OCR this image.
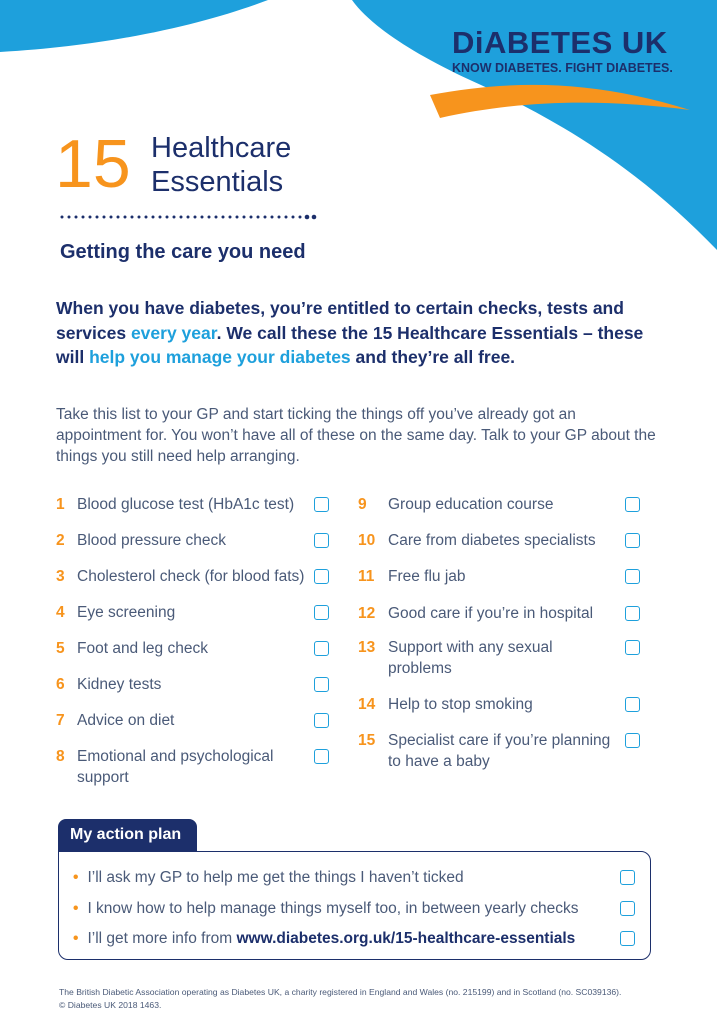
DiABETES UK
KNOW DIABETES. FIGHT DIABETES.
15 Healthcare
Essentials
Getting the care you need

When you have diabetes, you’re entitled to certain checks, tests and services every year. We call these the 15 Healthcare Essentials – these will help you manage your diabetes and they’re all free.

Take this list to your GP and start ticking the things off you’ve already got an appointment for. You won’t have all of these on the same day. Talk to your GP about the things you still need help arranging.

1 Blood glucose test (HbA1c test)
2 Blood pressure check
3 Cholesterol check (for blood fats)
4 Eye screening
5 Foot and leg check
6 Kidney tests
7 Advice on diet
8 Emotional and psychological support
9 Group education course
10 Care from diabetes specialists
11 Free flu jab
12 Good care if you’re in hospital
13 Support with any sexual problems
14 Help to stop smoking
15 Specialist care if you’re planning to have a baby
My action plan
• I’ll ask my GP to help me get the things I haven’t ticked
• I know how to help manage things myself too, in between yearly checks
• I’ll get more info from www.diabetes.org.uk/15-healthcare-essentials
The British Diabetic Association operating as Diabetes UK, a charity registered in England and Wales (no. 215199) and in Scotland (no. SC039136).
© Diabetes UK 2018 1463.
